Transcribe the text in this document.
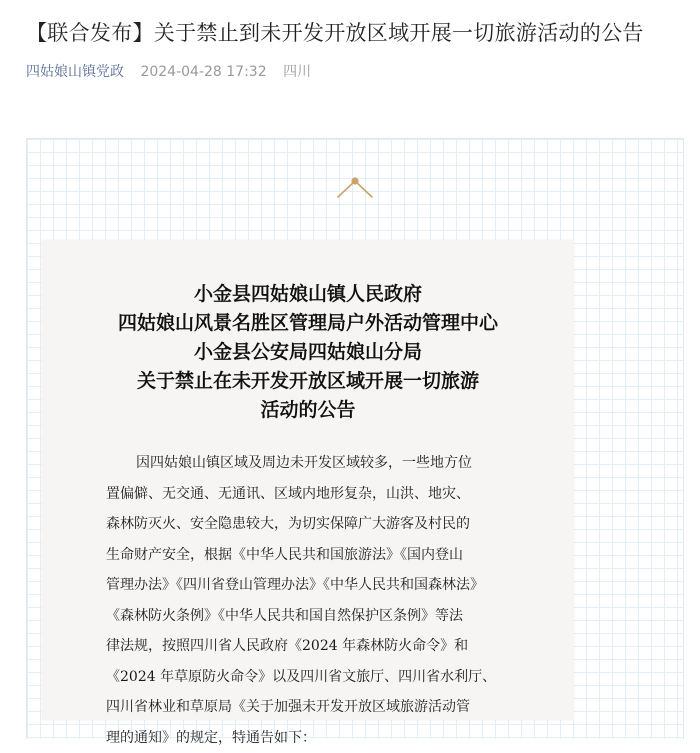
【联合发布】关于禁止到未开发开放区域开展一切旅游活动的公告
四姑娘山镇党政 2024-04-28 17:32 四川
小金县四姑娘山镇人民政府
四姑娘山风景名胜区管理局户外活动管理中心
小金县公安局四姑娘山分局
关于禁止在未开发开放区域开展一切旅游
活动的公告
因四姑娘山镇区域及周边未开发区域较多，一些地方位
置偏僻、无交通、无通讯、区域内地形复杂，山洪、地灾、
森林防灭火、安全隐患较大，为切实保障广大游客及村民的
生命财产安全，根据《中华人民共和国旅游法》《国内登山
管理办法》《四川省登山管理办法》《中华人民共和国森林法》
《森林防火条例》《中华人民共和国自然保护区条例》等法
律法规，按照四川省人民政府《2024 年森林防火命令》和
《2024 年草原防火命令》以及四川省文旅厅、四川省水利厅、
四川省林业和草原局《关于加强未开发开放区域旅游活动管
理的通知》的规定，特通告如下：
